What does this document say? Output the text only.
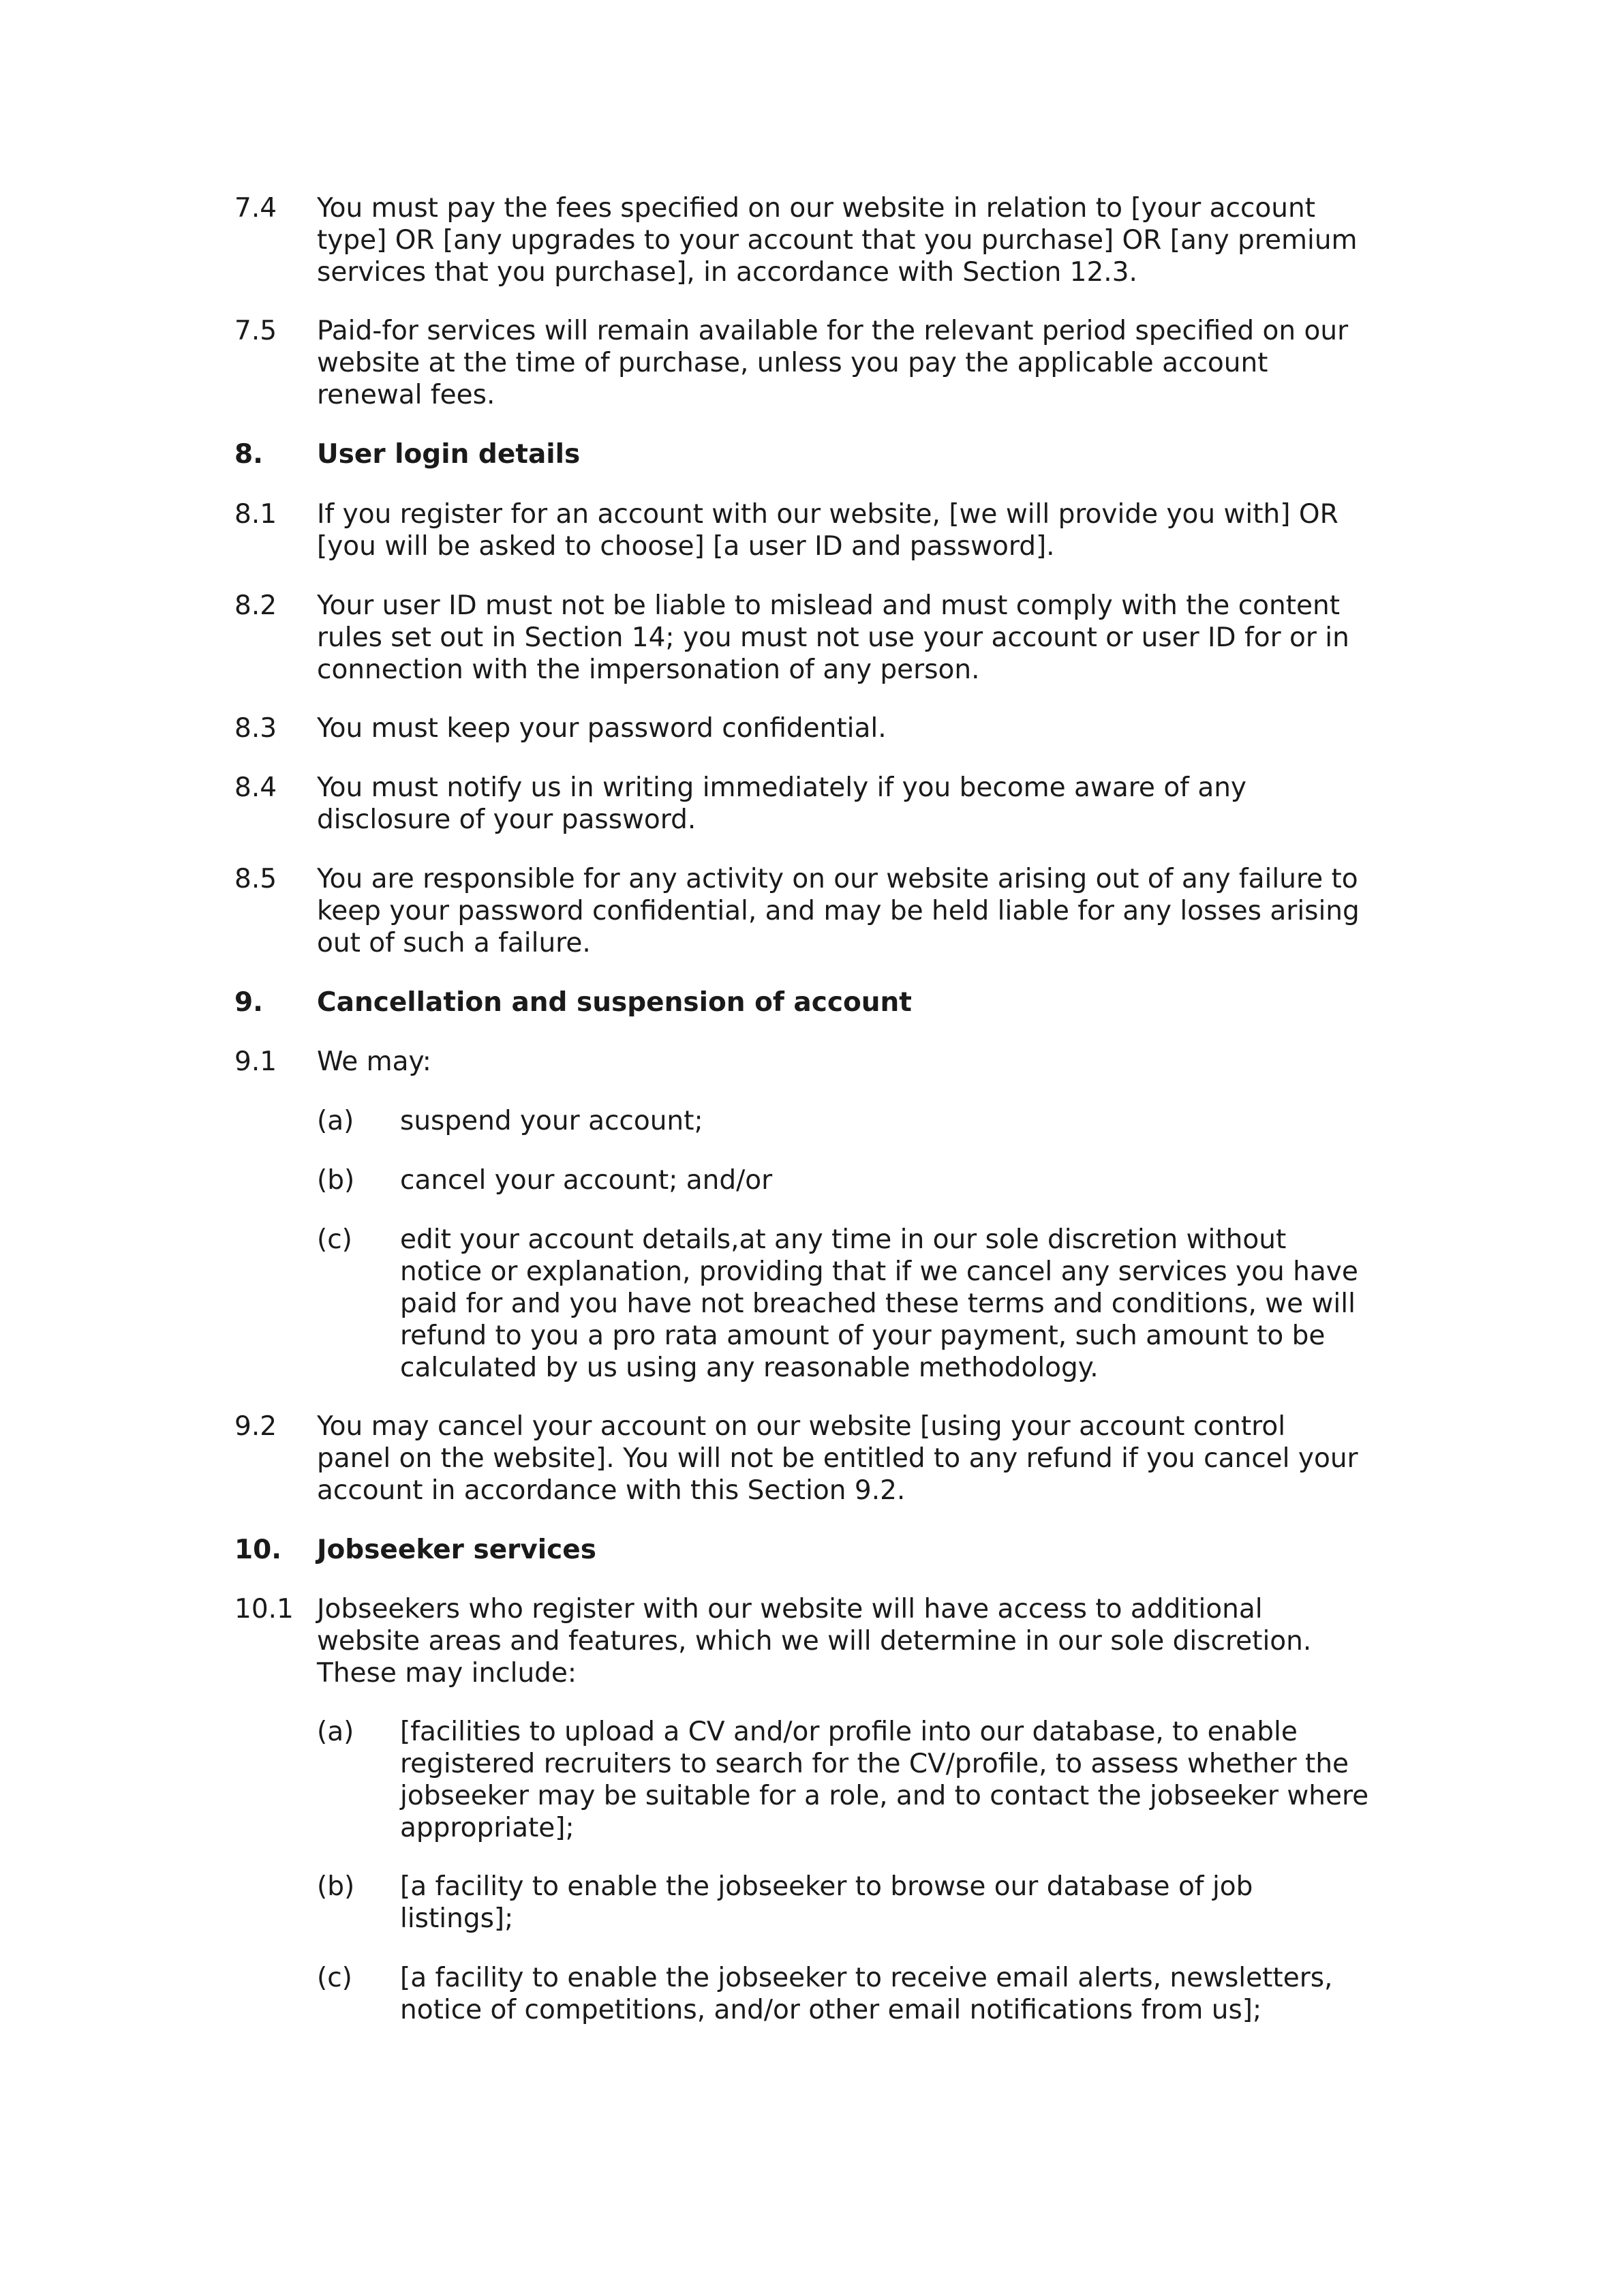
7.4 You must pay the fees specified on our website in relation to [your account
type] OR [any upgrades to your account that you purchase] OR [any premium
services that you purchase], in accordance with Section 12.3.
7.5 Paid-for services will remain available for the relevant period specified on our
website at the time of purchase, unless you pay the applicable account
renewal fees.
8. User login details
8.1 If you register for an account with our website, [we will provide you with] OR
[you will be asked to choose] [a user ID and password].
8.2 Your user ID must not be liable to mislead and must comply with the content
rules set out in Section 14; you must not use your account or user ID for or in
connection with the impersonation of any person.
8.3 You must keep your password confidential.
8.4 You must notify us in writing immediately if you become aware of any
disclosure of your password.
8.5 You are responsible for any activity on our website arising out of any failure to
keep your password confidential, and may be held liable for any losses arising
out of such a failure.
9. Cancellation and suspension of account
9.1 We may:
(a) suspend your account;
(b) cancel your account; and/or
(c) edit your account details,at any time in our sole discretion without
notice or explanation, providing that if we cancel any services you have
paid for and you have not breached these terms and conditions, we will
refund to you a pro rata amount of your payment, such amount to be
calculated by us using any reasonable methodology.
9.2 You may cancel your account on our website [using your account control
panel on the website]. You will not be entitled to any refund if you cancel your
account in accordance with this Section 9.2.
10. Jobseeker services
10.1 Jobseekers who register with our website will have access to additional
website areas and features, which we will determine in our sole discretion.
These may include:
(a) [facilities to upload a CV and/or profile into our database, to enable
registered recruiters to search for the CV/profile, to assess whether the
jobseeker may be suitable for a role, and to contact the jobseeker where
appropriate];
(b) [a facility to enable the jobseeker to browse our database of job
listings];
(c) [a facility to enable the jobseeker to receive email alerts, newsletters,
notice of competitions, and/or other email notifications from us];
